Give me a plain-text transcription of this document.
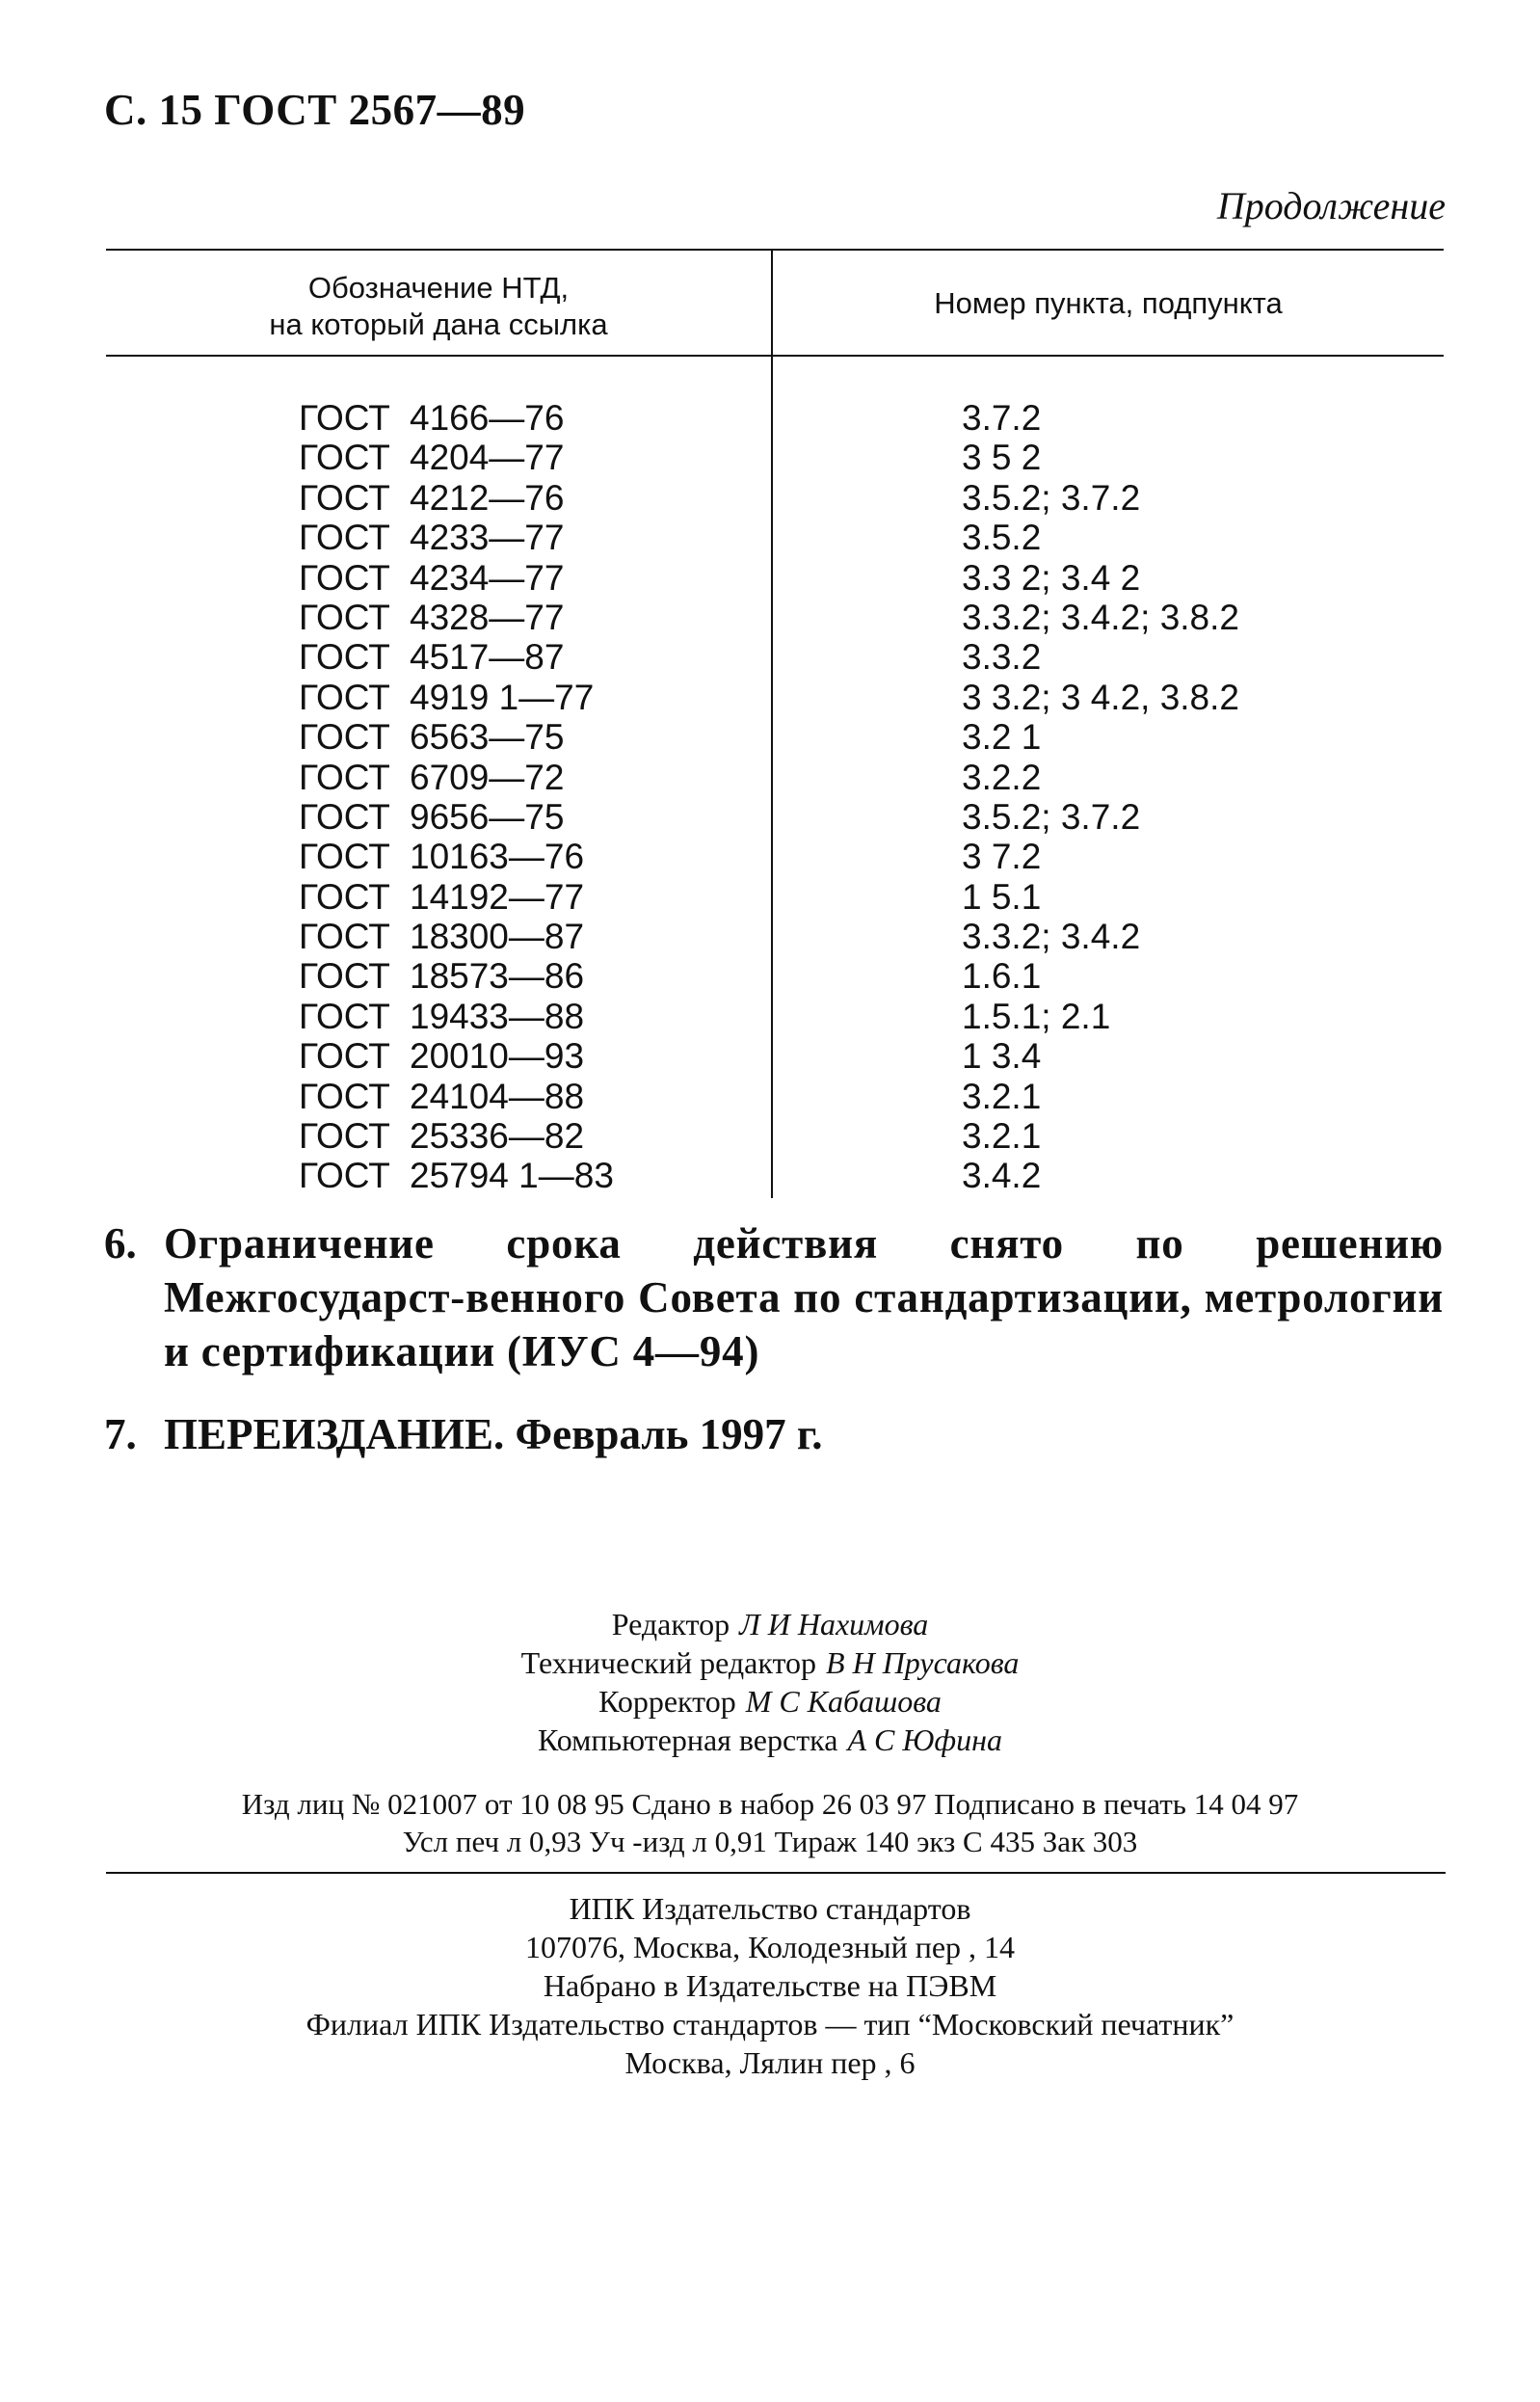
С. 15 ГОСТ 2567—89
Продолжение
Обозначение НТД,
на который дана ссылка
Номер пункта, подпункта
ГОСТ 4166—76	3.7.2
ГОСТ 4204—77	3 5 2
ГОСТ 4212—76	3.5.2; 3.7.2
ГОСТ 4233—77	3.5.2
ГОСТ 4234—77	3.3 2; 3.4 2
ГОСТ 4328—77	3.3.2; 3.4.2; 3.8.2
ГОСТ 4517—87	3.3.2
ГОСТ 4919 1—77	3 3.2; 3 4.2, 3.8.2
ГОСТ 6563—75	3.2 1
ГОСТ 6709—72	3.2.2
ГОСТ 9656—75	3.5.2; 3.7.2
ГОСТ 10163—76	3 7.2
ГОСТ 14192—77	1 5.1
ГОСТ 18300—87	3.3.2; 3.4.2
ГОСТ 18573—86	1.6.1
ГОСТ 19433—88	1.5.1; 2.1
ГОСТ 20010—93	1 3.4
ГОСТ 24104—88	3.2.1
ГОСТ 25336—82	3.2.1
ГОСТ 25794 1—83	3.4.2
6. Ограничение срока действия снято по решению Межгосударст-венного Совета по стандартизации, метрологии и сертификации (ИУС 4—94)
7. ПЕРЕИЗДАНИЕ. Февраль 1997 г.
Редактор Л И Нахимова
Технический редактор В Н Прусакова
Корректор М С Кабашова
Компьютерная верстка А С Юфина
Изд лиц № 021007 от 10 08 95 Сдано в набор 26 03 97 Подписано в печать 14 04 97
Усл печ л 0,93 Уч -изд л 0,91 Тираж 140 экз С 435 Зак 303
ИПК Издательство стандартов
107076, Москва, Колодезный пер , 14
Набрано в Издательстве на ПЭВМ
Филиал ИПК Издательство стандартов — тип “Московский печатник”
Москва, Лялин пер , 6
